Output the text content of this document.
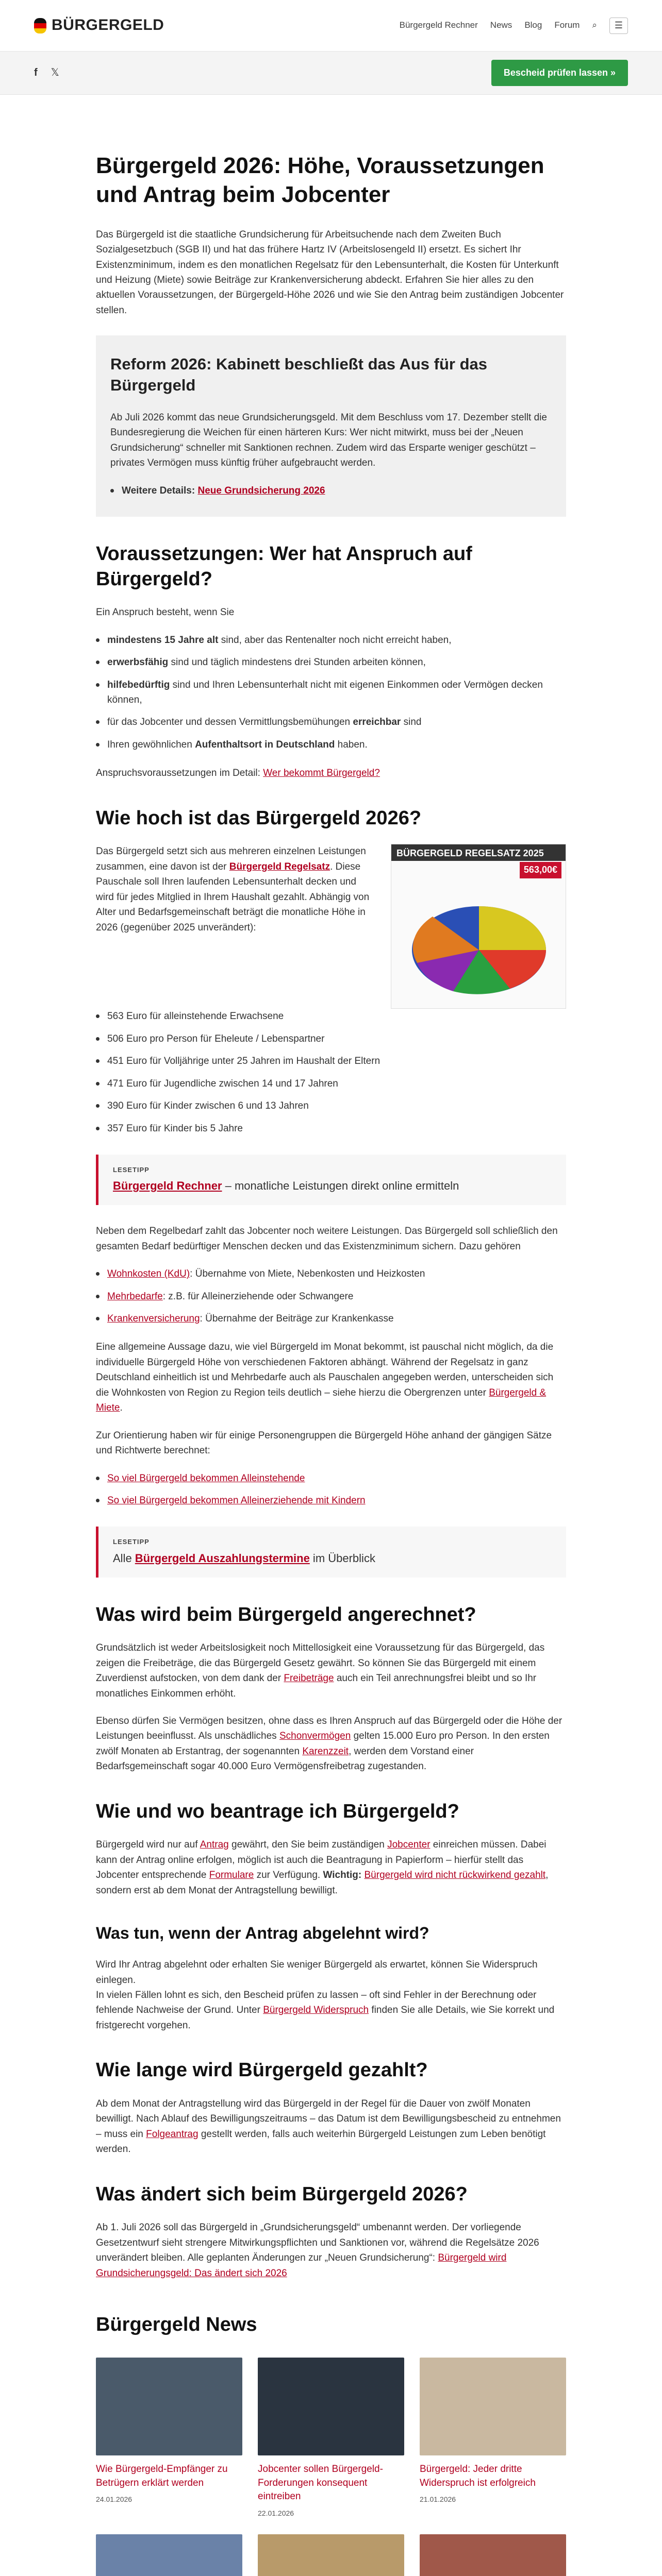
BÜRGERGELD	Bürgergeld Rechner News Blog Forum ⌕	☰
f 𝕏	Bescheid prüfen lassen »
Bürgergeld 2026: Höhe, Voraussetzungen und Antrag beim Jobcenter

Das Bürgergeld ist die staatliche Grundsicherung für Arbeitsuchende nach dem Zweiten Buch Sozialgesetzbuch (SGB II) und hat das frühere Hartz IV (Arbeitslosengeld II) ersetzt. Es sichert Ihr Existenzminimum, indem es den monatlichen Regelsatz für den Lebensunterhalt, die Kosten für Unterkunft und Heizung (Miete) sowie Beiträge zur Krankenversicherung abdeckt. Erfahren Sie hier alles zu den aktuellen Voraussetzungen, der Bürgergeld-Höhe 2026 und wie Sie den Antrag beim zuständigen Jobcenter stellen.

Reform 2026: Kabinett beschließt das Aus für das Bürgergeld

Ab Juli 2026 kommt das neue Grundsicherungsgeld. Mit dem Beschluss vom 17. Dezember stellt die Bundesregierung die Weichen für einen härteren Kurs: Wer nicht mitwirkt, muss bei der „Neuen Grundsicherung“ schneller mit Sanktionen rechnen. Zudem wird das Ersparte weniger geschützt – privates Vermögen muss künftig früher aufgebraucht werden.

Weitere Details: Neue Grundsicherung 2026
Voraussetzungen: Wer hat Anspruch auf Bürgergeld?

Ein Anspruch besteht, wenn Sie

mindestens 15 Jahre alt sind, aber das Rentenalter noch nicht erreicht haben,
erwerbsfähig sind und täglich mindestens drei Stunden arbeiten können,
hilfebedürftig sind und Ihren Lebensunterhalt nicht mit eigenen Einkommen oder Vermögen decken können,
für das Jobcenter und dessen Vermittlungsbemühungen erreichbar sind
Ihren gewöhnlichen Aufenthaltsort in Deutschland haben.

Anspruchsvoraussetzungen im Detail: Wer bekommt Bürgergeld?

Wie hoch ist das Bürgergeld 2026?

Das Bürgergeld setzt sich aus mehreren einzelnen Leistungen zusammen, eine davon ist der Bürgergeld Regelsatz. Diese Pauschale soll Ihren laufenden Lebensunterhalt decken und wird für jedes Mitglied in Ihrem Haushalt gezahlt. Abhängig von Alter und Bedarfsgemeinschaft beträgt die monatliche Höhe in 2026 (gegenüber 2025 unverändert):

BÜRGERGELD REGELSATZ 2025
563,00€
563 Euro für alleinstehende Erwachsene
506 Euro pro Person für Eheleute / Lebenspartner
451 Euro für Volljährige unter 25 Jahren im Haushalt der Eltern
471 Euro für Jugendliche zwischen 14 und 17 Jahren
390 Euro für Kinder zwischen 6 und 13 Jahren
357 Euro für Kinder bis 5 Jahre
LESETIPP
Bürgergeld Rechner – monatliche Leistungen direkt online ermitteln

Neben dem Regelbedarf zahlt das Jobcenter noch weitere Leistungen. Das Bürgergeld soll schließlich den gesamten Bedarf bedürftiger Menschen decken und das Existenzminimum sichern. Dazu gehören

Wohnkosten (KdU): Übernahme von Miete, Nebenkosten und Heizkosten
Mehrbedarfe: z.B. für Alleinerziehende oder Schwangere
Krankenversicherung: Übernahme der Beiträge zur Krankenkasse

Eine allgemeine Aussage dazu, wie viel Bürgergeld im Monat bekommt, ist pauschal nicht möglich, da die individuelle Bürgergeld Höhe von verschiedenen Faktoren abhängt. Während der Regelsatz in ganz Deutschland einheitlich ist und Mehrbedarfe auch als Pauschalen angegeben werden, unterscheiden sich die Wohnkosten von Region zu Region teils deutlich – siehe hierzu die Obergrenzen unter Bürgergeld & Miete.

Zur Orientierung haben wir für einige Personengruppen die Bürgergeld Höhe anhand der gängigen Sätze und Richtwerte berechnet:

So viel Bürgergeld bekommen Alleinstehende
So viel Bürgergeld bekommen Alleinerziehende mit Kindern
LESETIPP
Alle Bürgergeld Auszahlungstermine im Überblick
Was wird beim Bürgergeld angerechnet?

Grundsätzlich ist weder Arbeitslosigkeit noch Mittellosigkeit eine Voraussetzung für das Bürgergeld, das zeigen die Freibeträge, die das Bürgergeld Gesetz gewährt. So können Sie das Bürgergeld mit einem Zuverdienst aufstocken, von dem dank der Freibeträge auch ein Teil anrechnungsfrei bleibt und so Ihr monatliches Einkommen erhöht.

Ebenso dürfen Sie Vermögen besitzen, ohne dass es Ihren Anspruch auf das Bürgergeld oder die Höhe der Leistungen beeinflusst. Als unschädliches Schonvermögen gelten 15.000 Euro pro Person. In den ersten zwölf Monaten ab Erstantrag, der sogenannten Karenzzeit, werden dem Vorstand einer Bedarfsgemeinschaft sogar 40.000 Euro Vermögensfreibetrag zugestanden.

Wie und wo beantrage ich Bürgergeld?

Bürgergeld wird nur auf Antrag gewährt, den Sie beim zuständigen Jobcenter einreichen müssen. Dabei kann der Antrag online erfolgen, möglich ist auch die Beantragung in Papierform – hierfür stellt das Jobcenter entsprechende Formulare zur Verfügung. Wichtig: Bürgergeld wird nicht rückwirkend gezahlt, sondern erst ab dem Monat der Antragstellung bewilligt.

Was tun, wenn der Antrag abgelehnt wird?

Wird Ihr Antrag abgelehnt oder erhalten Sie weniger Bürgergeld als erwartet, können Sie Widerspruch einlegen.
In vielen Fällen lohnt es sich, den Bescheid prüfen zu lassen – oft sind Fehler in der Berechnung oder fehlende Nachweise der Grund. Unter Bürgergeld Widerspruch finden Sie alle Details, wie Sie korrekt und fristgerecht vorgehen.

Wie lange wird Bürgergeld gezahlt?

Ab dem Monat der Antragstellung wird das Bürgergeld in der Regel für die Dauer von zwölf Monaten bewilligt. Nach Ablauf des Bewilligungszeitraums – das Datum ist dem Bewilligungsbescheid zu entnehmen – muss ein Folgeantrag gestellt werden, falls auch weiterhin Bürgergeld Leistungen zum Leben benötigt werden.

Was ändert sich beim Bürgergeld 2026?

Ab 1. Juli 2026 soll das Bürgergeld in „Grundsicherungsgeld“ umbenannt werden. Der vorliegende Gesetzentwurf sieht strengere Mitwirkungspflichten und Sanktionen vor, während die Regelsätze 2026 unverändert bleiben. Alle geplanten Änderungen zur „Neuen Grundsicherung“: Bürgergeld wird Grundsicherungsgeld: Das ändert sich 2026

Bürgergeld News
Wie Bürgergeld-Empfänger zu Betrügern erklärt werden
24.01.2026
Jobcenter sollen Bürgergeld-Forderungen konsequent eintreiben
22.01.2026
Bürgergeld: Jeder dritte Widerspruch ist erfolgreich
21.01.2026
